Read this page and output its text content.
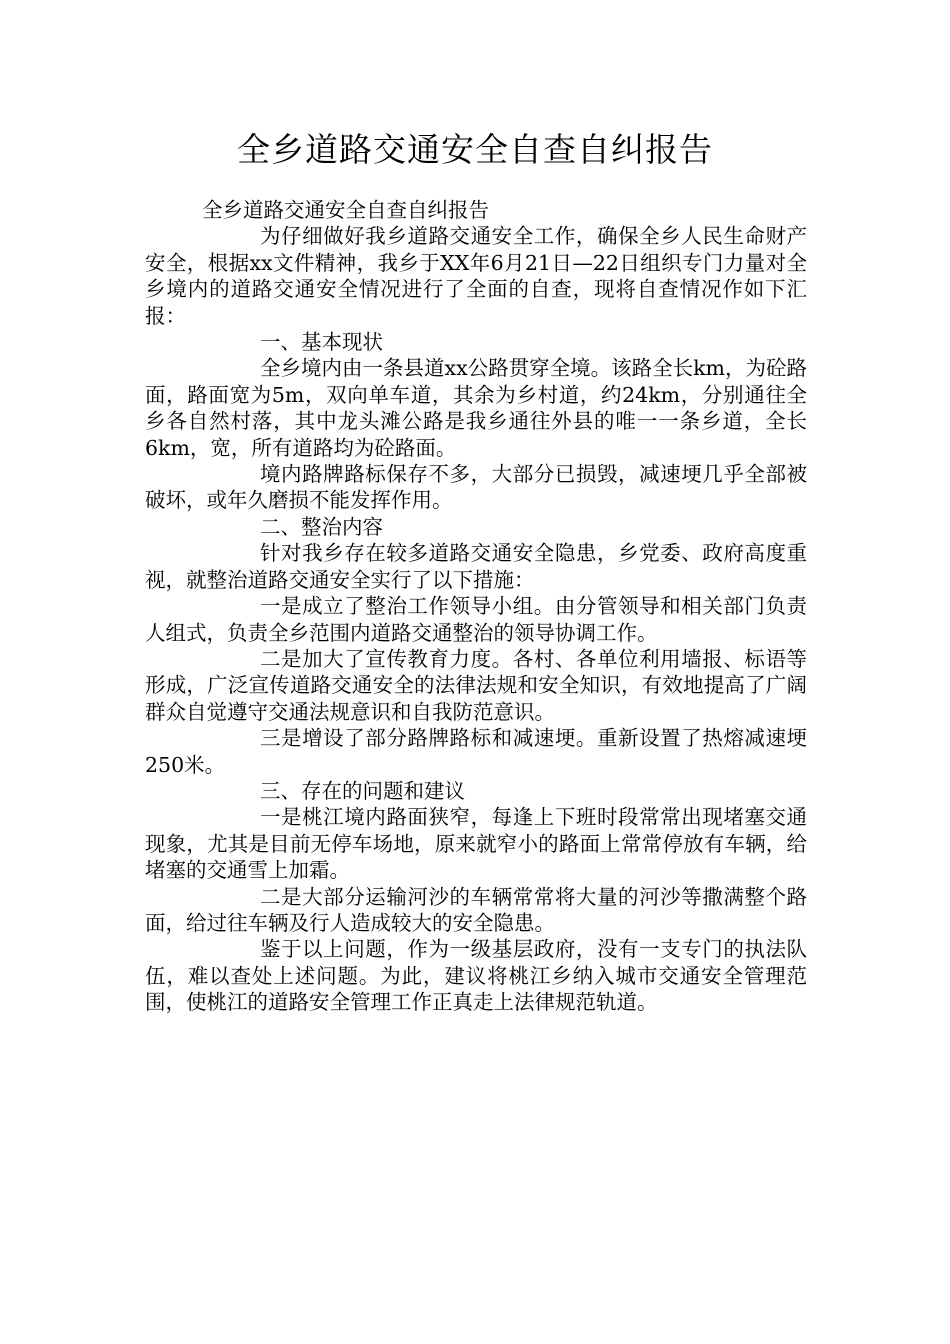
全乡道路交通安全自查自纠报告

全乡道路交通安全自查自纠报告

为仔细做好我乡道路交通安全工作，确保全乡人民生命财产安全，根据xx文件精神，我乡于XX年6月21日—22日组织专门力量对全乡境内的道路交通安全情况进行了全面的自查，现将自查情况作如下汇报：

一、基本现状

全乡境内由一条县道xx公路贯穿全境。该路全长km，为砼路面，路面宽为5m，双向单车道，其余为乡村道，约24km，分别通往全乡各自然村落，其中龙头滩公路是我乡通往外县的唯一一条乡道，全长6km，宽，所有道路均为砼路面。

境内路牌路标保存不多，大部分已损毁，减速埂几乎全部被破坏，或年久磨损不能发挥作用。

二、整治内容

针对我乡存在较多道路交通安全隐患，乡党委、政府高度重视，就整治道路交通安全实行了以下措施：

一是成立了整治工作领导小组。由分管领导和相关部门负责人组式，负责全乡范围内道路交通整治的领导协调工作。

二是加大了宣传教育力度。各村、各单位利用墙报、标语等形成，广泛宣传道路交通安全的法律法规和安全知识，有效地提高了广阔群众自觉遵守交通法规意识和自我防范意识。

三是增设了部分路牌路标和减速埂。重新设置了热熔减速埂250米。

三、存在的问题和建议

一是桃江境内路面狭窄，每逢上下班时段常常出现堵塞交通现象，尤其是目前无停车场地，原来就窄小的路面上常常停放有车辆，给堵塞的交通雪上加霜。

二是大部分运输河沙的车辆常常将大量的河沙等撒满整个路面，给过往车辆及行人造成较大的安全隐患。

鉴于以上问题，作为一级基层政府，没有一支专门的执法队伍，难以查处上述问题。为此，建议将桃江乡纳入城市交通安全管理范围，使桃江的道路安全管理工作正真走上法律规范轨道。
